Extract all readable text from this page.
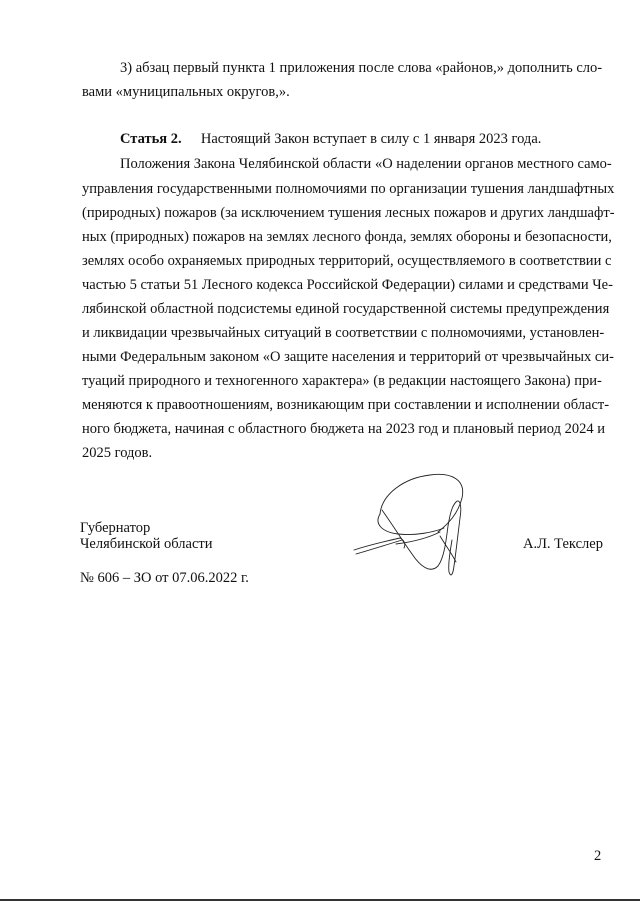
3) абзац первый пункта 1 приложения после слова «районов,» дополнить сло-
вами «муниципальных округов,».
Статья 2. Настоящий Закон вступает в силу с 1 января 2023 года.
Положения Закона Челябинской области «О наделении органов местного само-
управления государственными полномочиями по организации тушения ландшафтных
(природных) пожаров (за исключением тушения лесных пожаров и других ландшафт-
ных (природных) пожаров на землях лесного фонда, землях обороны и безопасности,
землях особо охраняемых природных территорий, осуществляемого в соответствии с
частью 5 статьи 51 Лесного кодекса Российской Федерации) силами и средствами Че-
лябинской областной подсистемы единой государственной системы предупреждения
и ликвидации чрезвычайных ситуаций в соответствии с полномочиями, установлен-
ными Федеральным законом «О защите населения и территорий от чрезвычайных си-
туаций природного и техногенного характера» (в редакции настоящего Закона) при-
меняются к правоотношениям, возникающим при составлении и исполнении област-
ного бюджета, начиная с областного бюджета на 2023 год и плановый период 2024 и
2025 годов.
Губернатор
Челябинской области	А.Л. Текслер
№ 606 – ЗО от 07.06.2022 г.
2
